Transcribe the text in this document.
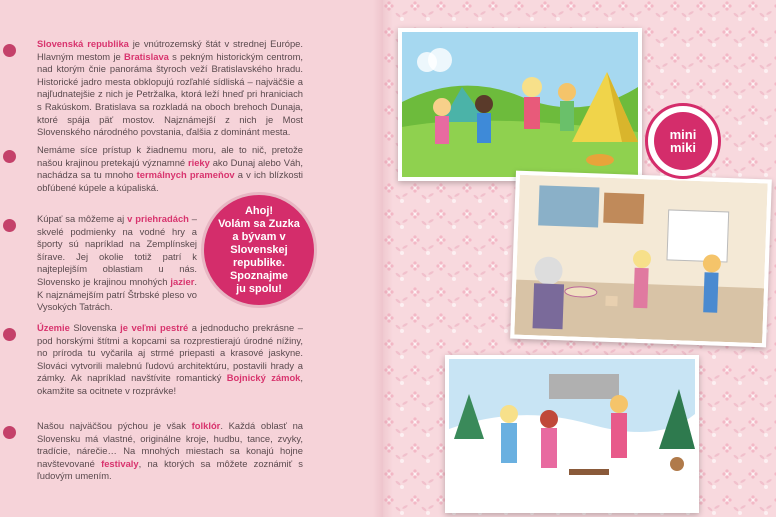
Slovenská republika je vnútrozemský štát v strednej Európe. Hlavným mestom je Bratislava s pekným historickým centrom, nad ktorým čnie panoráma štyroch veží Bratislavského hradu. Historické jadro mesta obklopujú rozľahlé sídliská – najväčšie a najľudnatejšie z nich je Petržalka, ktorá leží hneď pri hraniciach s Rakúskom. Bratislava sa rozkladá na oboch brehoch Dunaja, ktoré spája päť mostov. Najznámejší z nich je Most Slovenského národného povstania, ďalšia z dominánt mesta.
Nemáme síce prístup k žiadnemu moru, ale to nič, pretože našou krajinou pretekajú významné rieky ako Dunaj alebo Váh, nachádza sa tu mnoho termálnych prameňov a v ich blízkosti obľúbené kúpele a kúpaliská.
Kúpať sa môžeme aj v priehradách – skvelé podmienky na vodné hry a športy sú napríklad na Zemplínskej šírave. Jej okolie totiž patrí k najteplejším oblastiam u nás. Slovensko je krajinou mnohých jazier. K najznámejším patrí Štrbské pleso vo Vysokých Tatrách.
Ahoj!
Volám sa Zuzka
a bývam v Slovenskej
republike. Spoznajme
ju spolu!
Územie Slovenska je veľmi pestré a jednoducho prekrásne – pod horskými štítmi a kopcami sa rozprestierajú úrodné nížiny, no príroda tu vyčarila aj strmé priepasti a krasové jaskyne. Slováci vytvorili malebnú ľudovú architektúru, postavili hrady a zámky. Ak napríklad navštívite romantický Bojnický zámok, okamžite sa ocitnete v rozprávke!
Našou najväčšou pýchou je však folklór. Každá oblasť na Slovensku má vlastné, originálne kroje, hudbu, tance, zvyky, tradície, nárečie… Na mnohých miestach sa konajú hojne navštevované festivaly, na ktorých sa môžete zoznámiť s ľudovým umením.
mini
miki
